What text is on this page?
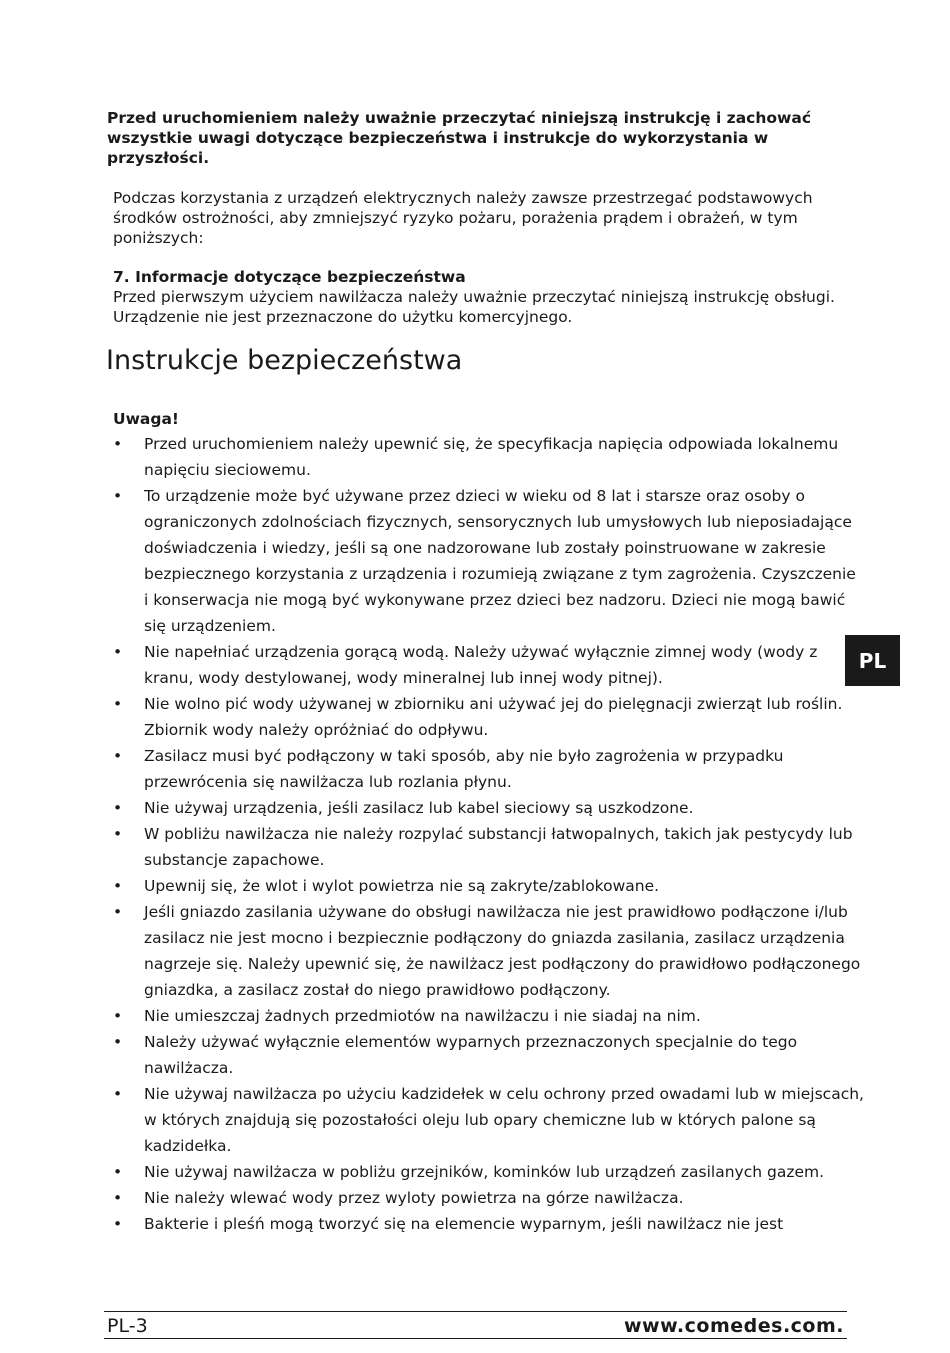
Przed uruchomieniem należy uważnie przeczytać niniejszą instrukcję i zachować wszystkie uwagi dotyczące bezpieczeństwa i instrukcje do wykorzystania w przyszłości.

Podczas korzystania z urządzeń elektrycznych należy zawsze przestrzegać podstawowych środków ostrożności, aby zmniejszyć ryzyko pożaru, porażenia prądem i obrażeń, w tym poniższych:

7. Informacje dotyczące bezpieczeństwa
Przed pierwszym użyciem nawilżacza należy uważnie przeczytać niniejszą instrukcję obsługi. Urządzenie nie jest przeznaczone do użytku komercyjnego.
Instrukcje bezpieczeństwa

Uwaga!

• Przed uruchomieniem należy upewnić się, że specyfikacja napięcia odpowiada lokalnemu napięciu sieciowemu.
• To urządzenie może być używane przez dzieci w wieku od 8 lat i starsze oraz osoby o ograniczonych zdolnościach fizycznych, sensorycznych lub umysłowych lub nieposiadające doświadczenia i wiedzy, jeśli są one nadzorowane lub zostały poinstruowane w zakresie bezpiecznego korzystania z urządzenia i rozumieją związane z tym zagrożenia. Czyszczenie i konserwacja nie mogą być wykonywane przez dzieci bez nadzoru. Dzieci nie mogą bawić się urządzeniem.
• Nie napełniać urządzenia gorącą wodą. Należy używać wyłącznie zimnej wody (wody z kranu, wody destylowanej, wody mineralnej lub innej wody pitnej).
• Nie wolno pić wody używanej w zbiorniku ani używać jej do pielęgnacji zwierząt lub roślin. Zbiornik wody należy opróżniać do odpływu.
• Zasilacz musi być podłączony w taki sposób, aby nie było zagrożenia w przypadku przewrócenia się nawilżacza lub rozlania płynu.
• Nie używaj urządzenia, jeśli zasilacz lub kabel sieciowy są uszkodzone.
• W pobliżu nawilżacza nie należy rozpylać substancji łatwopalnych, takich jak pestycydy lub substancje zapachowe.
• Upewnij się, że wlot i wylot powietrza nie są zakryte/zablokowane.
• Jeśli gniazdo zasilania używane do obsługi nawilżacza nie jest prawidłowo podłączone i/lub zasilacz nie jest mocno i bezpiecznie podłączony do gniazda zasilania, zasilacz urządzenia nagrzeje się. Należy upewnić się, że nawilżacz jest podłączony do prawidłowo podłączonego gniazdka, a zasilacz został do niego prawidłowo podłączony.
• Nie umieszczaj żadnych przedmiotów na nawilżaczu i nie siadaj na nim.
• Należy używać wyłącznie elementów wyparnych przeznaczonych specjalnie do tego nawilżacza.
• Nie używaj nawilżacza po użyciu kadzidełek w celu ochrony przed owadami lub w miejscach, w których znajdują się pozostałości oleju lub opary chemiczne lub w których palone są kadzidełka.
• Nie używaj nawilżacza w pobliżu grzejników, kominków lub urządzeń zasilanych gazem.
• Nie należy wlewać wody przez wyloty powietrza na górze nawilżacza.
• Bakterie i pleśń mogą tworzyć się na elemencie wyparnym, jeśli nawilżacz nie jest
PL
PL-3	www.comedes.com.
